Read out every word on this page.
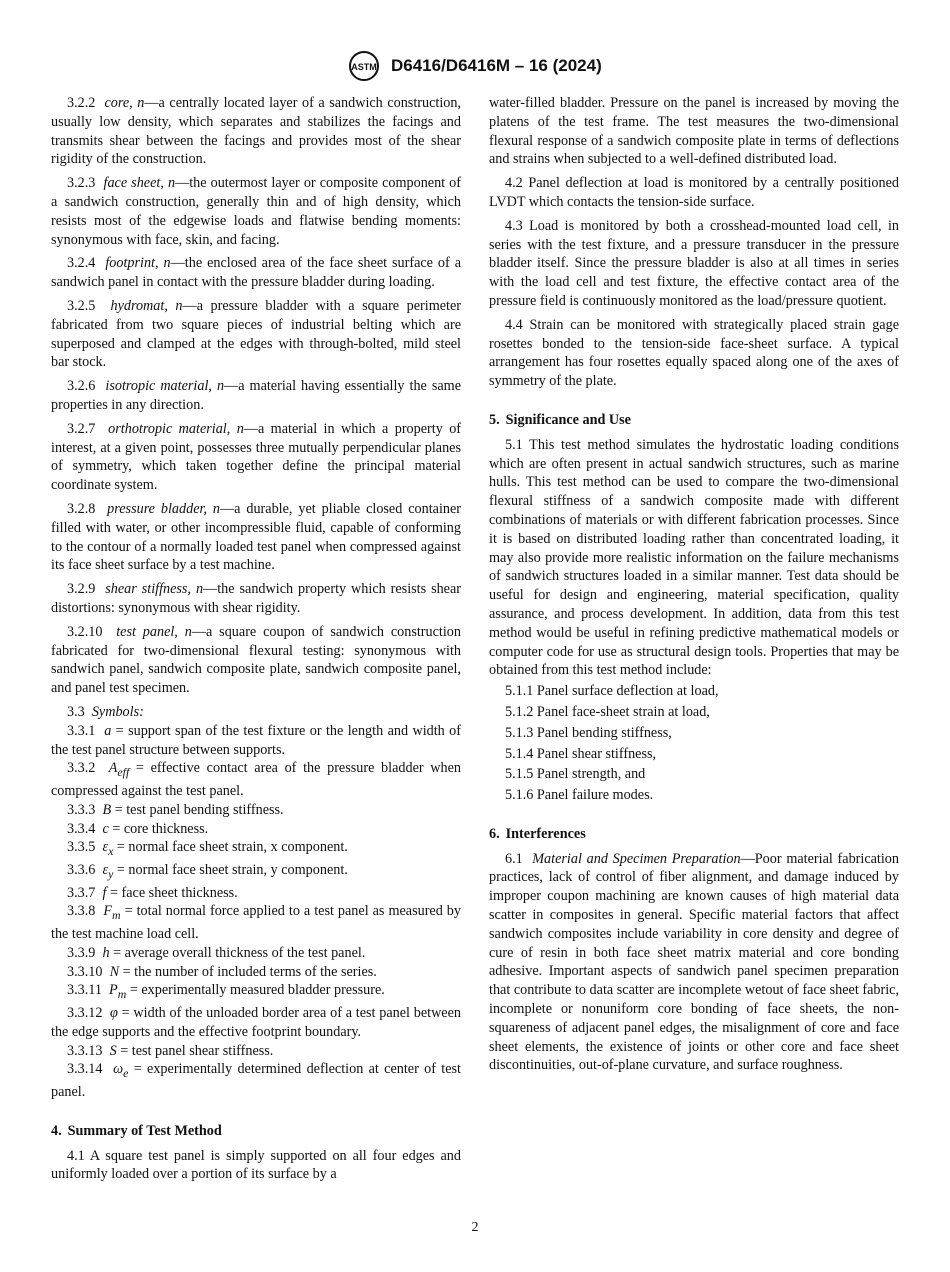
ASTM D6416/D6416M – 16 (2024)

3.2.2 core, n—a centrally located layer of a sandwich construction, usually low density, which separates and stabilizes the facings and transmits shear between the facings and provides most of the shear rigidity of the construction.

3.2.3 face sheet, n—the outermost layer or composite component of a sandwich construction, generally thin and of high density, which resists most of the edgewise loads and flatwise bending moments: synonymous with face, skin, and facing.

3.2.4 footprint, n—the enclosed area of the face sheet surface of a sandwich panel in contact with the pressure bladder during loading.

3.2.5 hydromat, n—a pressure bladder with a square perimeter fabricated from two square pieces of industrial belting which are superposed and clamped at the edges with through-bolted, mild steel bar stock.

3.2.6 isotropic material, n—a material having essentially the same properties in any direction.

3.2.7 orthotropic material, n—a material in which a property of interest, at a given point, possesses three mutually perpendicular planes of symmetry, which taken together define the principal material coordinate system.

3.2.8 pressure bladder, n—a durable, yet pliable closed container filled with water, or other incompressible fluid, capable of conforming to the contour of a normally loaded test panel when compressed against its face sheet surface by a test machine.

3.2.9 shear stiffness, n—the sandwich property which resists shear distortions: synonymous with shear rigidity.

3.2.10 test panel, n—a square coupon of sandwich construction fabricated for two-dimensional flexural testing: synonymous with sandwich panel, sandwich composite plate, sandwich composite panel, and panel test specimen.

3.3 Symbols:

3.3.1 a = support span of the test fixture or the length and width of the test panel structure between supports.

3.3.2 $A_{eff}$ = effective contact area of the pressure bladder when compressed against the test panel.

3.3.3 B = test panel bending stiffness.

3.3.4 c = core thickness.

3.3.5 $\varepsilon_x$ = normal face sheet strain, x component.

3.3.6 $\varepsilon_y$ = normal face sheet strain, y component.

3.3.7 f = face sheet thickness.

3.3.8 $F_m$ = total normal force applied to a test panel as measured by the test machine load cell.

3.3.9 h = average overall thickness of the test panel.

3.3.10 N = the number of included terms of the series.

3.3.11 $P_m$ = experimentally measured bladder pressure.

3.3.12 φ = width of the unloaded border area of a test panel between the edge supports and the effective footprint boundary.

3.3.13 S = test panel shear stiffness.

3.3.14 $\omega_e$ = experimentally determined deflection at center of test panel.

4. Summary of Test Method

4.1 A square test panel is simply supported on all four edges and uniformly loaded over a portion of its surface by a

water-filled bladder. Pressure on the panel is increased by moving the platens of the test frame. The test measures the two-dimensional flexural response of a sandwich composite plate in terms of deflections and strains when subjected to a well-defined distributed load.

4.2 Panel deflection at load is monitored by a centrally positioned LVDT which contacts the tension-side surface.

4.3 Load is monitored by both a crosshead-mounted load cell, in series with the test fixture, and a pressure transducer in the pressure bladder itself. Since the pressure bladder is also at all times in series with the load cell and test fixture, the effective contact area of the pressure field is continuously monitored as the load/pressure quotient.

4.4 Strain can be monitored with strategically placed strain gage rosettes bonded to the tension-side face-sheet surface. A typical arrangement has four rosettes equally spaced along one of the axes of symmetry of the plate.

5. Significance and Use

5.1 This test method simulates the hydrostatic loading conditions which are often present in actual sandwich structures, such as marine hulls. This test method can be used to compare the two-dimensional flexural stiffness of a sandwich composite made with different combinations of materials or with different fabrication processes. Since it is based on distributed loading rather than concentrated loading, it may also provide more realistic information on the failure mechanisms of sandwich structures loaded in a similar manner. Test data should be useful for design and engineering, material specification, quality assurance, and process development. In addition, data from this test method would be useful in refining predictive mathematical models or computer code for use as structural design tools. Properties that may be obtained from this test method include:

5.1.1 Panel surface deflection at load,
5.1.2 Panel face-sheet strain at load,
5.1.3 Panel bending stiffness,
5.1.4 Panel shear stiffness,
5.1.5 Panel strength, and
5.1.6 Panel failure modes.
6. Interferences

6.1 Material and Specimen Preparation—Poor material fabrication practices, lack of control of fiber alignment, and damage induced by improper coupon machining are known causes of high material data scatter in composites in general. Specific material factors that affect sandwich composites include variability in core density and degree of cure of resin in both face sheet matrix material and core bonding adhesive. Important aspects of sandwich panel specimen preparation that contribute to data scatter are incomplete wetout of face sheet fabric, incomplete or nonuniform core bonding of face sheets, the non-squareness of adjacent panel edges, the misalignment of core and face sheet elements, the existence of joints or other core and face sheet discontinuities, out-of-plane curvature, and surface roughness.

2
